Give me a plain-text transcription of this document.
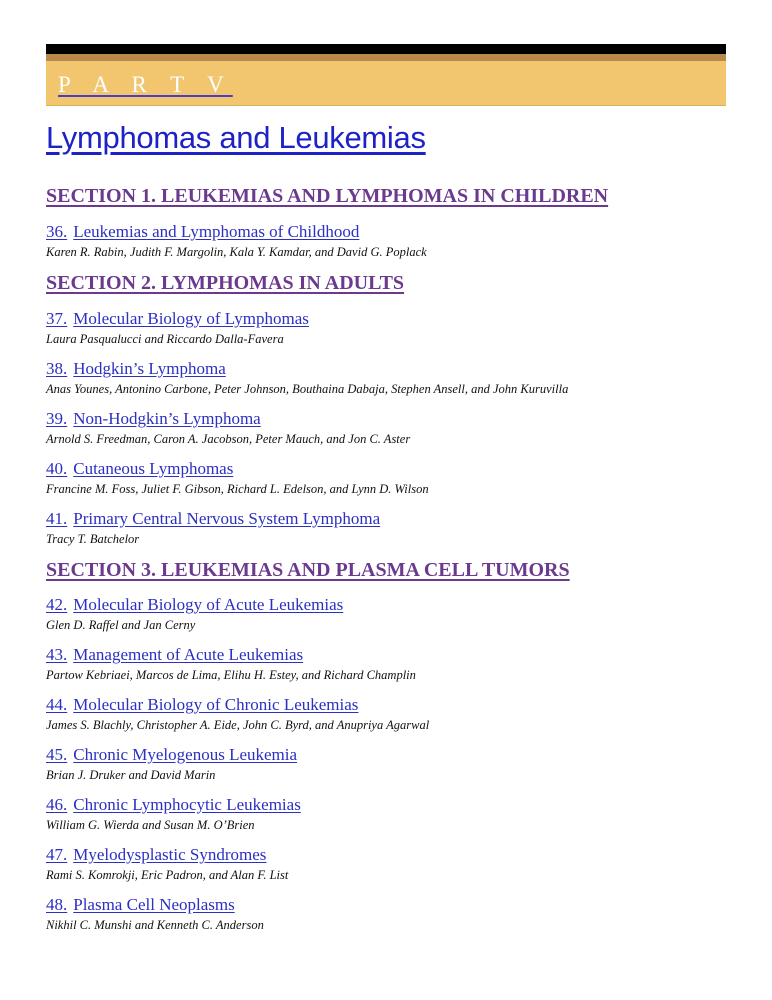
P A R T V
Lymphomas and Leukemias
SECTION 1. LEUKEMIAS AND LYMPHOMAS IN CHILDREN
36. Leukemias and Lymphomas of Childhood
Karen R. Rabin, Judith F. Margolin, Kala Y. Kamdar, and David G. Poplack
SECTION 2. LYMPHOMAS IN ADULTS
37. Molecular Biology of Lymphomas
Laura Pasqualucci and Riccardo Dalla-Favera
38. Hodgkin’s Lymphoma
Anas Younes, Antonino Carbone, Peter Johnson, Bouthaina Dabaja, Stephen Ansell, and John Kuruvilla
39. Non-Hodgkin’s Lymphoma
Arnold S. Freedman, Caron A. Jacobson, Peter Mauch, and Jon C. Aster
40. Cutaneous Lymphomas
Francine M. Foss, Juliet F. Gibson, Richard L. Edelson, and Lynn D. Wilson
41. Primary Central Nervous System Lymphoma
Tracy T. Batchelor
SECTION 3. LEUKEMIAS AND PLASMA CELL TUMORS
42. Molecular Biology of Acute Leukemias
Glen D. Raffel and Jan Cerny
43. Management of Acute Leukemias
Partow Kebriaei, Marcos de Lima, Elihu H. Estey, and Richard Champlin
44. Molecular Biology of Chronic Leukemias
James S. Blachly, Christopher A. Eide, John C. Byrd, and Anupriya Agarwal
45. Chronic Myelogenous Leukemia
Brian J. Druker and David Marin
46. Chronic Lymphocytic Leukemias
William G. Wierda and Susan M. O’Brien
47. Myelodysplastic Syndromes
Rami S. Komrokji, Eric Padron, and Alan F. List
48. Plasma Cell Neoplasms
Nikhil C. Munshi and Kenneth C. Anderson
